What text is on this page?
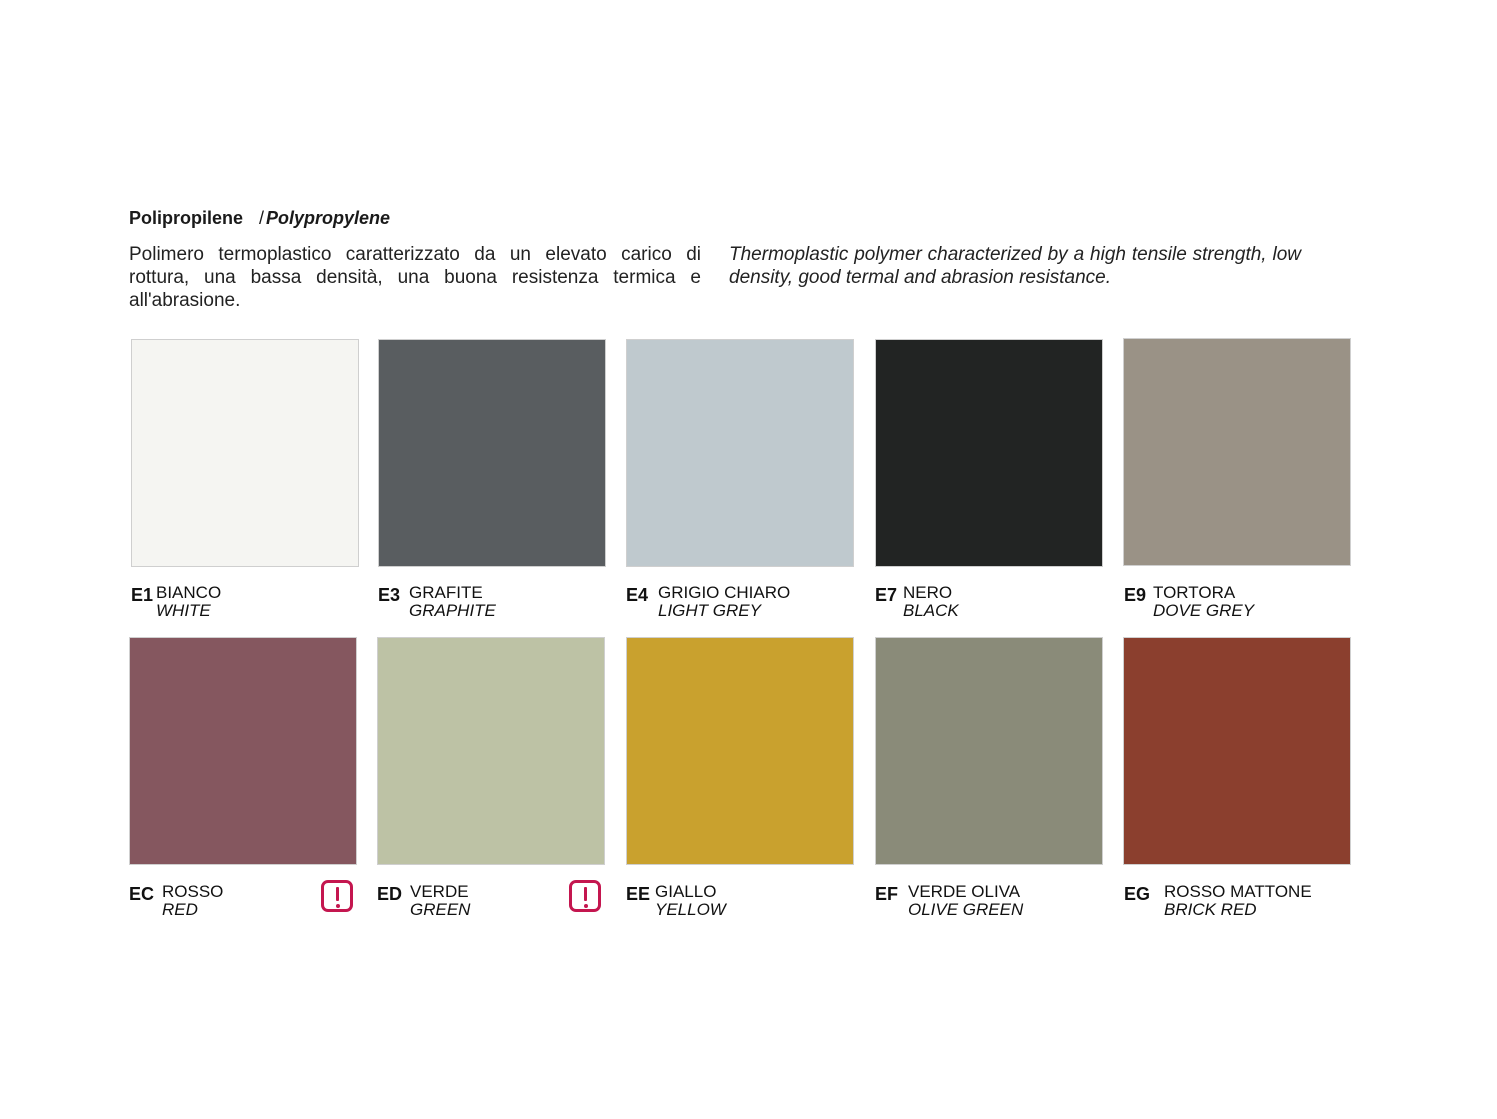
Polipropilene / Polypropylene
Polimero termoplastico caratterizzato da un elevato carico di rottura, una bassa densità, una buona resistenza termica e all'abrasione.
Thermoplastic polymer characterized by a high tensile strength, low density, good termal and abrasion resistance.
E1 BIANCO
WHITE
E3 GRAFITE
GRAPHITE
E4 GRIGIO CHIARO
LIGHT GREY
E7 NERO
BLACK
E9 TORTORA
DOVE GREY
EC ROSSO
RED
ED VERDE
GREEN
EE GIALLO
YELLOW
EF VERDE OLIVA
OLIVE GREEN
EG ROSSO MATTONE
BRICK RED
